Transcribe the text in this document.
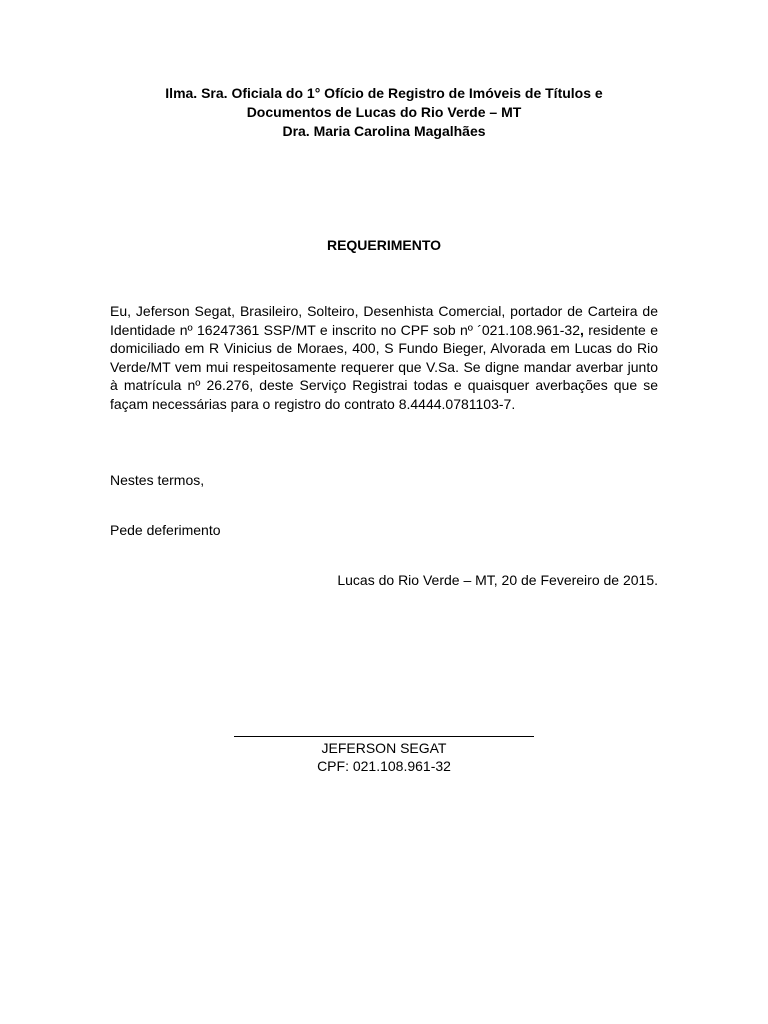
Ilma. Sra. Oficiala do 1° Ofício de Registro de Imóveis de Títulos e
Documentos de Lucas do Rio Verde – MT
Dra. Maria Carolina Magalhães
REQUERIMENTO
Eu, Jeferson Segat, Brasileiro, Solteiro, Desenhista Comercial, portador de Carteira de Identidade nº 16247361 SSP/MT e inscrito no CPF sob nº ´021.108.961-32, residente e domiciliado em R Vinicius de Moraes, 400, S Fundo Bieger, Alvorada em Lucas do Rio Verde/MT vem mui respeitosamente requerer que V.Sa. Se digne mandar averbar junto à matrícula nº 26.276, deste Serviço Registrai todas e quaisquer averbações que se façam necessárias para o registro do contrato 8.4444.0781103-7.
Nestes termos,
Pede deferimento
Lucas do Rio Verde – MT, 20 de Fevereiro de 2015.
JEFERSON SEGAT
CPF: 021.108.961-32
